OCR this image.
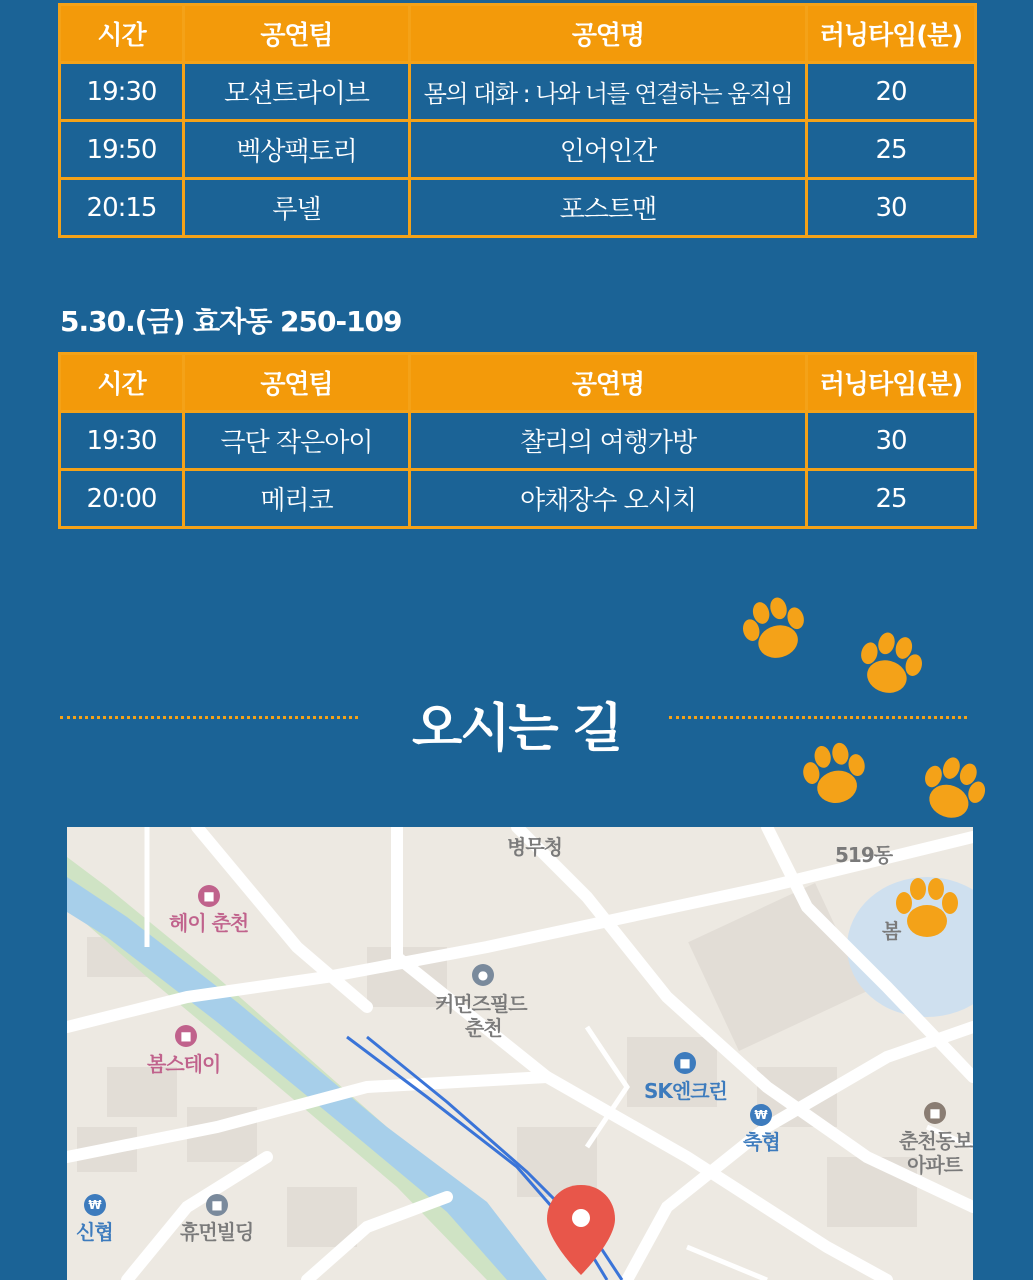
시간	공연팀	공연명	러닝타임(분)
19:30	모션트라이브	몸의 대화 : 나와 너를 연결하는 움직임	20
19:50	벡상팩토리	인어인간	25
20:15	루넬	포스트맨	30
5.30.(금) 효자동 250-109
시간	공연팀	공연명	러닝타임(분)
19:30	극단 작은아이	챨리의 여행가방	30
20:00	메리코	야채장수 오시치	25
오시는 길
병무청	519동
■
헤이 춘천
●
커먼즈필드
춘천
■
봄스테이	■
SK엔크린
₩
축협
■
춘천동보
아파트
₩
신협
■
휴먼빌딩
봄
